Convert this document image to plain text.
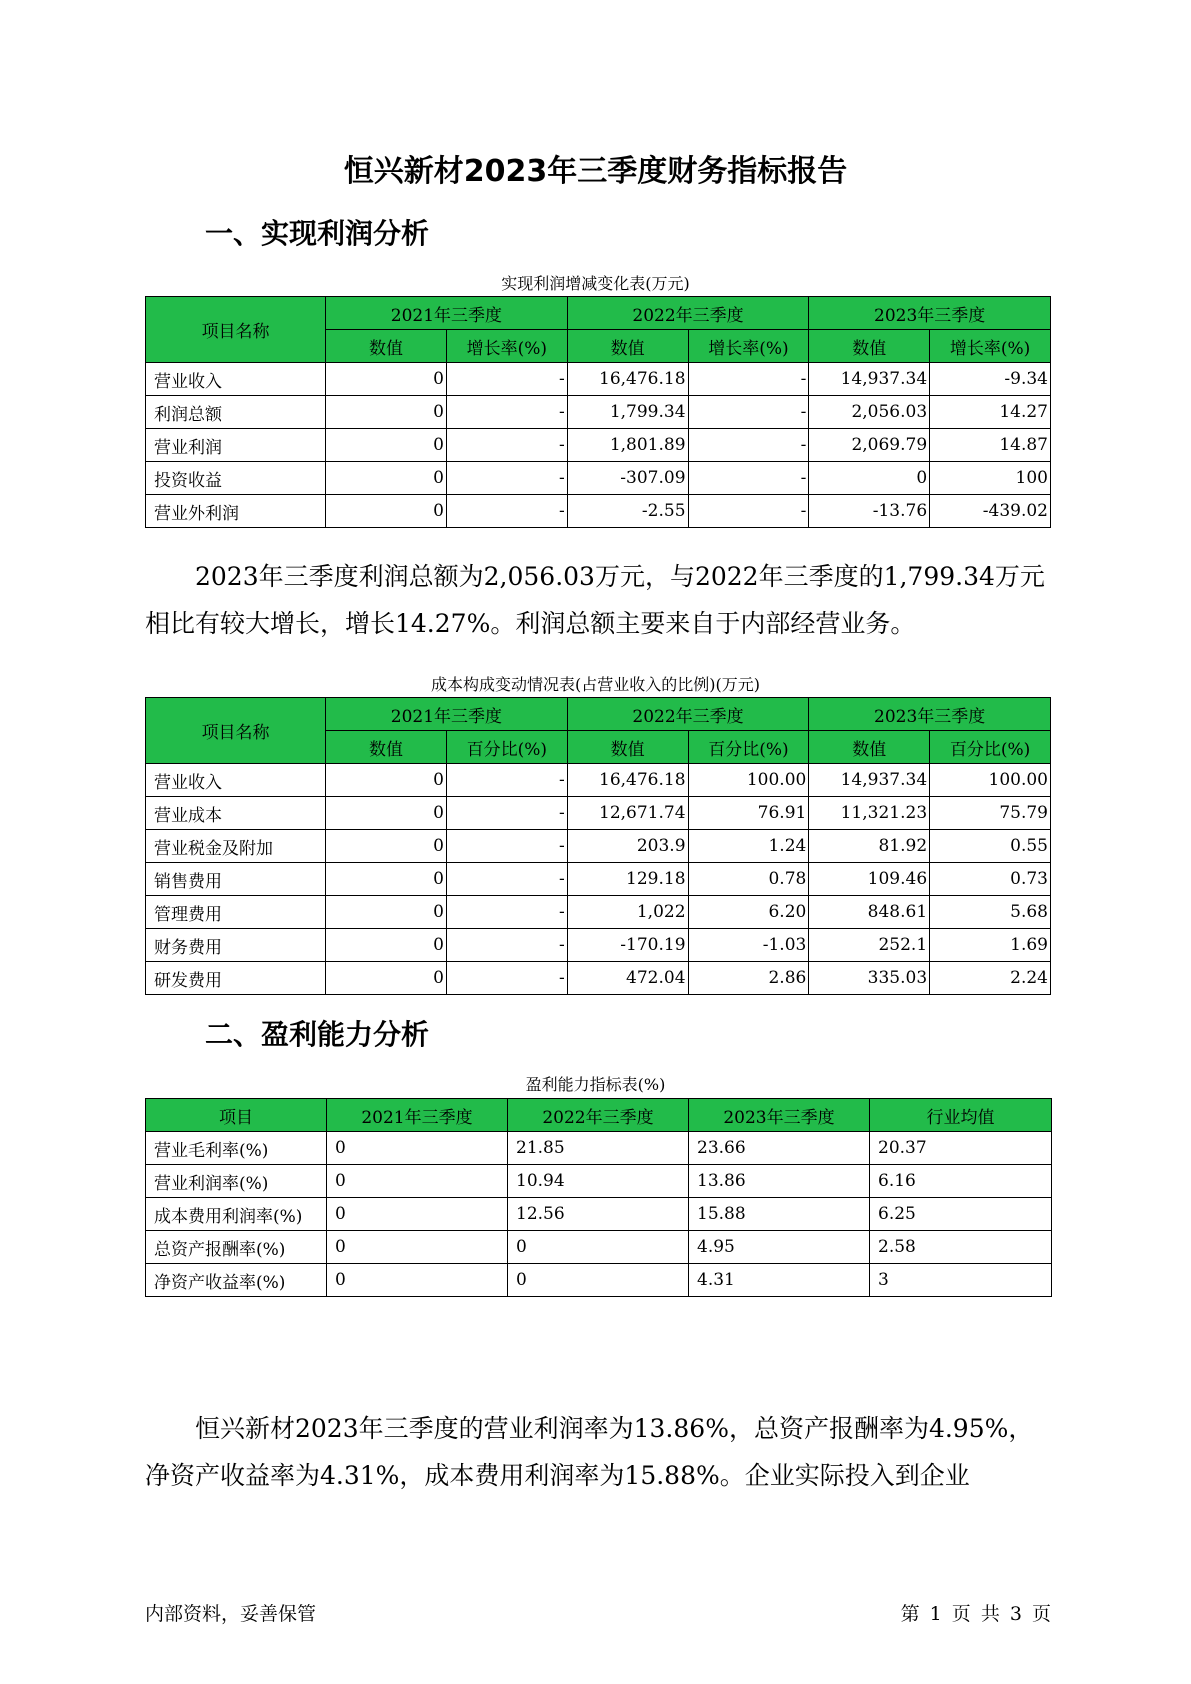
恒兴新材2023年三季度财务指标报告
一、实现利润分析
实现利润增减变化表(万元)
项目名称	2021年三季度		2022年三季度		2023年三季度	
	数值	增长率(%)	数值	增长率(%)	数值	增长率(%)
营业收入	0	-	16,476.18	-	14,937.34	-9.34
利润总额	0	-	1,799.34	-	2,056.03	14.27
营业利润	0	-	1,801.89	-	2,069.79	14.87
投资收益	0	-	-307.09	-	0	100
营业外利润	0	-	-2.55	-	-13.76	-439.02
2023年三季度利润总额为2,056.03万元，与2022年三季度的1,799.34万元相比有较大增长，增长14.27%。利润总额主要来自于内部经营业务。
成本构成变动情况表(占营业收入的比例)(万元)
项目名称	2021年三季度		2022年三季度		2023年三季度	
	数值	百分比(%)	数值	百分比(%)	数值	百分比(%)
营业收入	0	-	16,476.18	100.00	14,937.34	100.00
营业成本	0	-	12,671.74	76.91	11,321.23	75.79
营业税金及附加	0	-	203.9	1.24	81.92	0.55
销售费用	0	-	129.18	0.78	109.46	0.73
管理费用	0	-	1,022	6.20	848.61	5.68
财务费用	0	-	-170.19	-1.03	252.1	1.69
研发费用	0	-	472.04	2.86	335.03	2.24
二、盈利能力分析
盈利能力指标表(%)
项目	2021年三季度	2022年三季度	2023年三季度	行业均值
营业毛利率(%)	0	21.85	23.66	20.37
营业利润率(%)	0	10.94	13.86	6.16
成本费用利润率(%)	0	12.56	15.88	6.25
总资产报酬率(%)	0	0	4.95	2.58
净资产收益率(%)	0	0	4.31	3
恒兴新材2023年三季度的营业利润率为13.86%，总资产报酬率为4.95%，净资产收益率为4.31%，成本费用利润率为15.88%。企业实际投入到企业
内部资料，妥善保管	第 1 页 共 3 页
